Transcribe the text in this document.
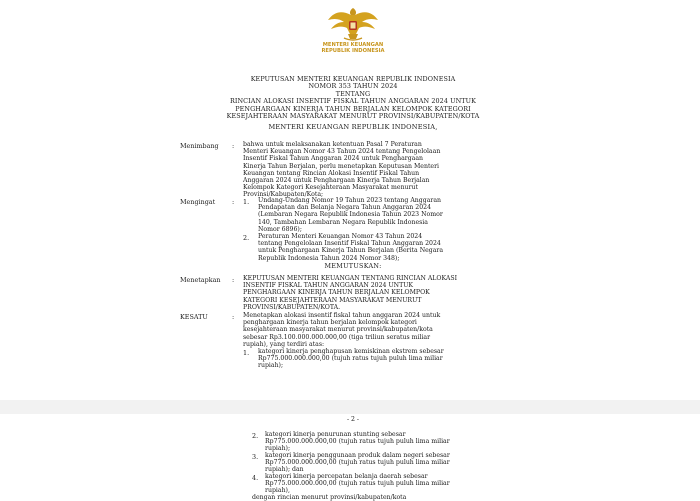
MENTERI KEUANGAN
REPUBLIK INDONESIA
KEPUTUSAN MENTERI KEUANGAN REPUBLIK INDONESIA
NOMOR 353 TAHUN 2024
TENTANG
RINCIAN ALOKASI INSENTIF FISKAL TAHUN ANGGARAN 2024 UNTUK
PENGHARGAAN KINERJA TAHUN BERJALAN KELOMPOK KATEGORI
KESEJAHTERAAN MASYARAKAT MENURUT PROVINSI/KABUPATEN/KOTA
MENTERI KEUANGAN REPUBLIK INDONESIA,
Menimbang : bahwa untuk melaksanakan ketentuan Pasal 7 Peraturan
Menteri Keuangan Nomor 43 Tahun 2024 tentang Pengelolaan
Insentif Fiskal Tahun Anggaran 2024 untuk Penghargaan
Kinerja Tahun Berjalan, perlu menetapkan Keputusan Menteri
Keuangan tentang Rincian Alokasi Insentif Fiskal Tahun
Anggaran 2024 untuk Penghargaan Kinerja Tahun Berjalan
Kelompok Kategori Kesejahteraan Masyarakat menurut
Provinsi/Kabupaten/Kota;
Mengingat	: 1. Undang-Undang Nomor 19 Tahun 2023 tentang Anggaran
Pendapatan dan Belanja Negara Tahun Anggaran 2024
(Lembaran Negara Republik Indonesia Tahun 2023 Nomor
140, Tambahan Lembaran Negara Republik Indonesia
Nomor 6896);
2. Peraturan Menteri Keuangan Nomor 43 Tahun 2024
tentang Pengelolaan Insentif Fiskal Tahun Anggaran 2024
untuk Penghargaan Kinerja Tahun Berjalan (Berita Negara
Republik Indonesia Tahun 2024 Nomor 348);
MEMUTUSKAN:
Menetapkan : KEPUTUSAN MENTERI KEUANGAN TENTANG RINCIAN ALOKASI
INSENTIF FISKAL TAHUN ANGGARAN 2024 UNTUK
PENGHARGAAN KINERJA TAHUN BERJALAN KELOMPOK
KATEGORI KESEJAHTERAAN MASYARAKAT MENURUT
PROVINSI/KABUPATEN/KOTA.
KESATU	: Menetapkan alokasi insentif fiskal tahun anggaran 2024 untuk
penghargaan kinerja tahun berjalan kelompok kategori
kesejahteraan masyarakat menurut provinsi/kabupaten/kota
sebesar Rp3.100.000.000.000,00 (tiga triliun seratus miliar
rupiah), yang terdiri atas:
1. kategori kinerja penghapusan kemiskinan ekstrem sebesar
Rp775.000.000.000,00 (tujuh ratus tujuh puluh lima miliar
rupiah);
- 2 -
2. kategori kinerja penurunan stunting sebesar
Rp775.000.000.000,00 (tujuh ratus tujuh puluh lima miliar
rupiah);
3. kategori kinerja penggunaan produk dalam negeri sebesar
Rp775.000.000.000,00 (tujuh ratus tujuh puluh lima miliar
rupiah); dan
4. kategori kinerja percepatan belanja daerah sebesar
Rp775.000.000.000,00 (tujuh ratus tujuh puluh lima miliar
rupiah),
dengan rincian menurut provinsi/kabupaten/kota
